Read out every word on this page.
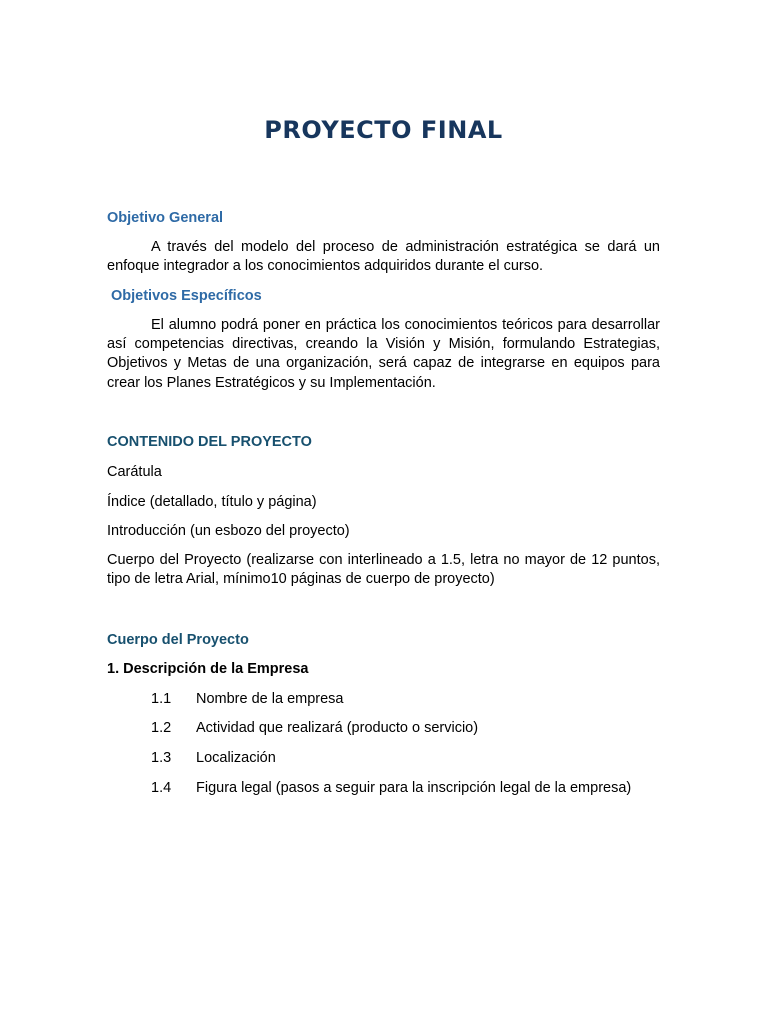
PROYECTO FINAL
Objetivo General

A través del modelo del proceso de administración estratégica se dará un enfoque integrador a los conocimientos adquiridos durante el curso.

Objetivos Específicos

El alumno podrá poner en práctica los conocimientos teóricos para desarrollar así competencias directivas, creando la Visión y Misión, formulando Estrategias, Objetivos y Metas de una organización, será capaz de integrarse en equipos para crear los Planes Estratégicos y su Implementación.

CONTENIDO DEL PROYECTO

Carátula

Índice (detallado, título y página)

Introducción (un esbozo del proyecto)

Cuerpo del Proyecto (realizarse con interlineado a 1.5, letra no mayor de 12 puntos, tipo de letra Arial, mínimo10 páginas de cuerpo de proyecto)

Cuerpo del Proyecto
1. Descripción de la Empresa
1.1 Nombre de la empresa
1.2 Actividad que realizará (producto o servicio)
1.3 Localización
1.4 Figura legal (pasos a seguir para la inscripción legal de la empresa)
